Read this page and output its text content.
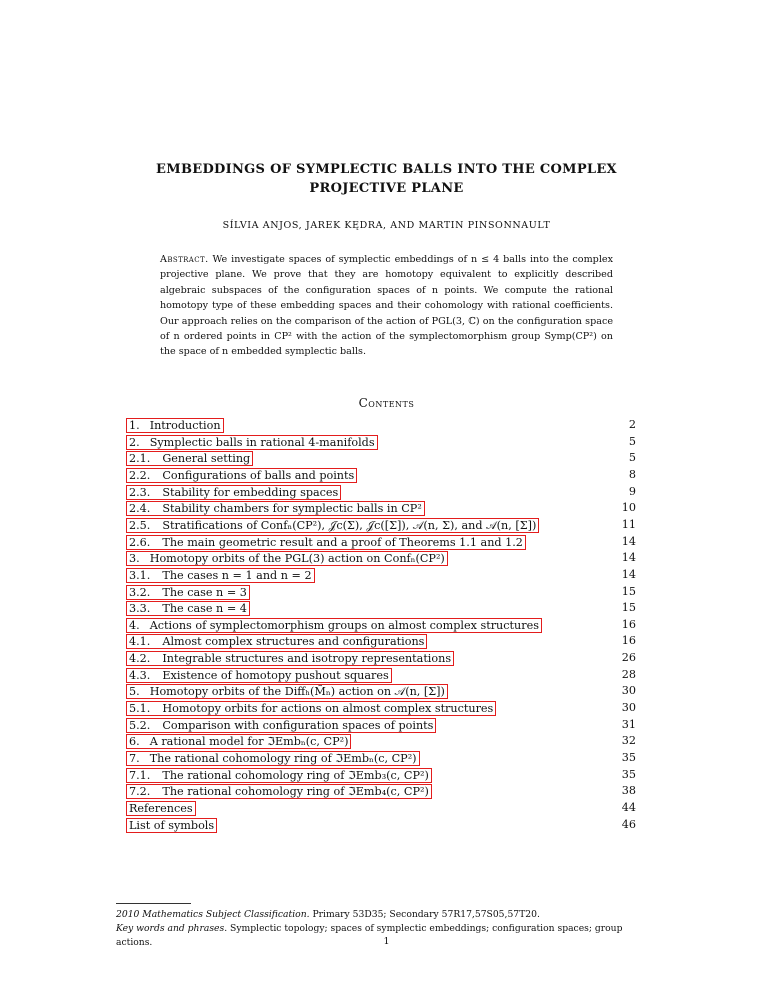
EMBEDDINGS OF SYMPLECTIC BALLS INTO THE COMPLEX PROJECTIVE PLANE
SÍLVIA ANJOS, JAREK KĘDRA, AND MARTIN PINSONNAULT
Abstract. We investigate spaces of symplectic embeddings of n ≤ 4 balls into the complex projective plane. We prove that they are homotopy equivalent to explicitly described algebraic subspaces of the configuration spaces of n points. We compute the rational homotopy type of these embedding spaces and their cohomology with rational coefficients. Our approach relies on the comparison of the action of PGL(3, ℂ) on the configuration space of n ordered points in CP² with the action of the symplectomorphism group Symp(CP²) on the space of n embedded symplectic balls.
Contents
1. Introduction	2
2. Symplectic balls in rational 4-manifolds	5
2.1. General setting	5
2.2. Configurations of balls and points	8
2.3. Stability for embedding spaces	9
2.4. Stability chambers for symplectic balls in CP²	10
2.5. Stratifications of Confₙ(CP²), 𝒥c(Σ), 𝒥c([Σ]), 𝒜(n, Σ), and 𝒜(n, [Σ])	11
2.6. The main geometric result and a proof of Theorems 1.1 and 1.2	14
3. Homotopy orbits of the PGL(3) action on Confₙ(CP²)	14
3.1. The cases n = 1 and n = 2	14
3.2. The case n = 3	15
3.3. The case n = 4	15
4. Actions of symplectomorphism groups on almost complex structures	16
4.1. Almost complex structures and configurations	16
4.2. Integrable structures and isotropy representations	26
4.3. Existence of homotopy pushout squares	28
5. Homotopy orbits of the Diffₕ(M̃ₙ) action on 𝒜(n, [Σ])	30
5.1. Homotopy orbits for actions on almost complex structures	30
5.2. Comparison with configuration spaces of points	31
6. A rational model for ℑEmbₙ(c, CP²)	32
7. The rational cohomology ring of ℑEmbₙ(c, CP²)	35
7.1. The rational cohomology ring of ℑEmb₃(c, CP²)	35
7.2. The rational cohomology ring of ℑEmb₄(c, CP²)	38
References	44
List of symbols	46
2010 Mathematics Subject Classification. Primary 53D35; Secondary 57R17,57S05,57T20.
Key words and phrases. Symplectic topology; spaces of symplectic embeddings; configuration spaces; group actions.	1
